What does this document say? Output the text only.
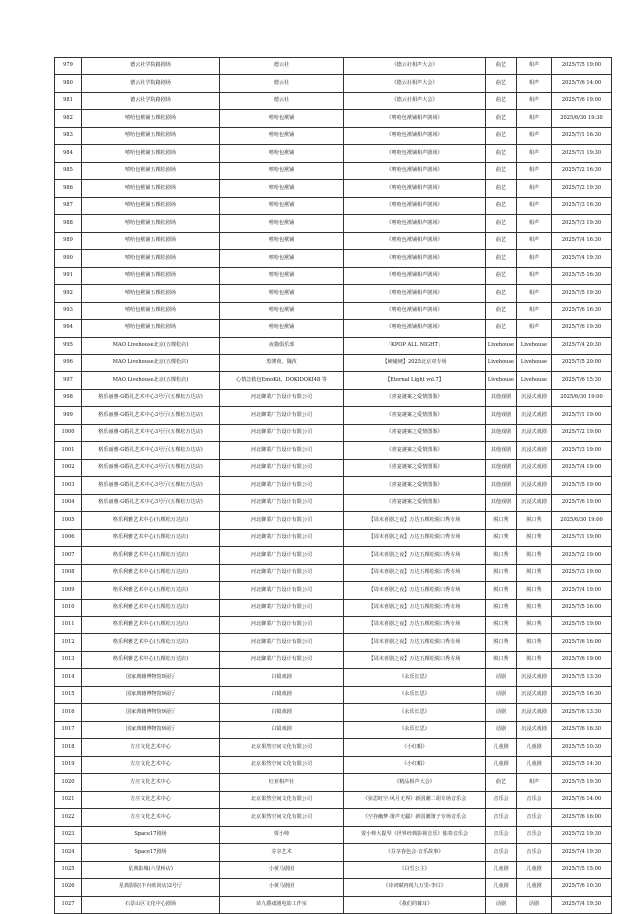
979	德云社学院路剧场	德云社	《德云社相声大会》	曲艺	相声	2025/7/5 19:00
980	德云社学院路剧场	德云社	《德云社相声大会》	曲艺	相声	2025/7/6 14:00
981	德云社学院路剧场	德云社	《德云社相声大会》	曲艺	相声	2025/7/6 19:00
982	嘻哈包袱铺五棵松剧场	嘻哈包袱铺	《嘻哈包袱铺相声剧场》	曲艺	相声	2025/6/30 19:30
983	嘻哈包袱铺五棵松剧场	嘻哈包袱铺	《嘻哈包袱铺相声剧场》	曲艺	相声	2025/7/1 16:30
984	嘻哈包袱铺五棵松剧场	嘻哈包袱铺	《嘻哈包袱铺相声剧场》	曲艺	相声	2025/7/1 19:30
985	嘻哈包袱铺五棵松剧场	嘻哈包袱铺	《嘻哈包袱铺相声剧场》	曲艺	相声	2025/7/2 16:30
986	嘻哈包袱铺五棵松剧场	嘻哈包袱铺	《嘻哈包袱铺相声剧场》	曲艺	相声	2025/7/2 19:30
987	嘻哈包袱铺五棵松剧场	嘻哈包袱铺	《嘻哈包袱铺相声剧场》	曲艺	相声	2025/7/3 16:30
988	嘻哈包袱铺五棵松剧场	嘻哈包袱铺	《嘻哈包袱铺相声剧场》	曲艺	相声	2025/7/3 19:30
989	嘻哈包袱铺五棵松剧场	嘻哈包袱铺	《嘻哈包袱铺相声剧场》	曲艺	相声	2025/7/4 16:30
990	嘻哈包袱铺五棵松剧场	嘻哈包袱铺	《嘻哈包袱铺相声剧场》	曲艺	相声	2025/7/4 19:30
991	嘻哈包袱铺五棵松剧场	嘻哈包袱铺	《嘻哈包袱铺相声剧场》	曲艺	相声	2025/7/5 16:30
992	嘻哈包袱铺五棵松剧场	嘻哈包袱铺	《嘻哈包袱铺相声剧场》	曲艺	相声	2025/7/5 19:30
993	嘻哈包袱铺五棵松剧场	嘻哈包袱铺	《嘻哈包袱铺相声剧场》	曲艺	相声	2025/7/6 16:30
994	嘻哈包袱铺五棵松剧场	嘻哈包袱铺	《嘻哈包袱铺相声剧场》	曲艺	相声	2025/7/6 19:30
995	MAO Livehouse北京(五棵松店)	夜猫俱乐部	「KPOP ALL NIGHT」	Livehouse	Livehouse	2025/7/4 20:30
996	MAO Livehouse北京(五棵松店)	黑薄荷、魏孜	【硬碰硬】2025北京双专场	Livehouse	Livehouse	2025/7/5 20:00
997	MAO Livehouse北京(五棵松店)	心情急救包EmoKit、DOKIDOKI48 等	【Eternal Light vol.7】	Livehouse	Livehouse	2025/7/6 15:30
998	格乐丽雅·G婚礼艺术中心3号厅(五棵松万达店)	河北御業广告设计有限公司	《喜宴謎案之爱情图鉴》	其他戏剧	沉浸式戏剧	2025/6/30 19:00
999	格乐丽雅·G婚礼艺术中心3号厅(五棵松万达店)	河北御業广告设计有限公司	《喜宴謎案之爱情图鉴》	其他戏剧	沉浸式戏剧	2025/7/1 19:00
1000	格乐丽雅·G婚礼艺术中心3号厅(五棵松万达店)	河北御業广告设计有限公司	《喜宴謎案之爱情图鉴》	其他戏剧	沉浸式戏剧	2025/7/2 19:00
1001	格乐丽雅·G婚礼艺术中心3号厅(五棵松万达店)	河北御業广告设计有限公司	《喜宴謎案之爱情图鉴》	其他戏剧	沉浸式戏剧	2025/7/3 19:00
1002	格乐丽雅·G婚礼艺术中心3号厅(五棵松万达店)	河北御業广告设计有限公司	《喜宴謎案之爱情图鉴》	其他戏剧	沉浸式戏剧	2025/7/4 19:00
1003	格乐丽雅·G婚礼艺术中心3号厅(五棵松万达店)	河北御業广告设计有限公司	《喜宴謎案之爱情图鉴》	其他戏剧	沉浸式戏剧	2025/7/5 19:00
1004	格乐丽雅·G婚礼艺术中心3号厅(五棵松万达店)	河北御業广告设计有限公司	《喜宴謎案之爱情图鉴》	其他戏剧	沉浸式戏剧	2025/7/6 19:00
1005	格乐利雅艺术中心(五棵松万达店)	河北御業广告设计有限公司	【周末喜剧之夜】万达五棵松脱口秀专场	脱口秀	脱口秀	2025/6/30 19:00
1006	格乐利雅艺术中心(五棵松万达店)	河北御業广告设计有限公司	【周末喜剧之夜】万达五棵松脱口秀专场	脱口秀	脱口秀	2025/7/1 19:00
1007	格乐利雅艺术中心(五棵松万达店)	河北御業广告设计有限公司	【周末喜剧之夜】万达五棵松脱口秀专场	脱口秀	脱口秀	2025/7/2 19:00
1008	格乐利雅艺术中心(五棵松万达店)	河北御業广告设计有限公司	【周末喜剧之夜】万达五棵松脱口秀专场	脱口秀	脱口秀	2025/7/3 19:00
1009	格乐利雅艺术中心(五棵松万达店)	河北御業广告设计有限公司	【周末喜剧之夜】万达五棵松脱口秀专场	脱口秀	脱口秀	2025/7/4 19:00
1010	格乐利雅艺术中心(五棵松万达店)	河北御業广告设计有限公司	【周末喜剧之夜】万达五棵松脱口秀专场	脱口秀	脱口秀	2025/7/5 16:00
1011	格乐利雅艺术中心(五棵松万达店)	河北御業广告设计有限公司	【周末喜剧之夜】万达五棵松脱口秀专场	脱口秀	脱口秀	2025/7/5 19:00
1012	格乐利雅艺术中心(五棵松万达店)	河北御業广告设计有限公司	【周末喜剧之夜】万达五棵松脱口秀专场	脱口秀	脱口秀	2025/7/6 16:00
1013	格乐利雅艺术中心(五棵松万达店)	河北御業广告设计有限公司	【周末喜剧之夜】万达五棵松脱口秀专场	脱口秀	脱口秀	2025/7/6 19:00
1014	国家典籍博物馆9展厅	白镜戏剧	《永乐长思》	话剧	沉浸式戏剧	2025/7/5 13:30
1015	国家典籍博物馆9展厅	白镜戏剧	《永乐长思》	话剧	沉浸式戏剧	2025/7/5 16:30
1016	国家典籍博物馆9展厅	白镜戏剧	《永乐长思》	话剧	沉浸式戏剧	2025/7/6 13:30
1017	国家典籍博物馆9展厅	白镜戏剧	《永乐长思》	话剧	沉浸式戏剧	2025/7/6 16:30
1018	方庄文化艺术中心	北京果然空间文化有限公司	《小红帽》	儿童剧	儿童剧	2025/7/5 10:30
1019	方庄文化艺术中心	北京果然空间文化有限公司	《小红帽》	儿童剧	儿童剧	2025/7/5 14:30
1020	方庄文化艺术中心	红亚相声社	《精品相声大会》	曲艺	相声	2025/7/5 19:30
1021	方庄文化艺术中心	北京果然空间文化有限公司	《弦思时空·风月无界》新国潮二胡专场音乐会	音乐会	音乐会	2025/7/6 14:00
1022	方庄文化艺术中心	北京果然空间文化有限公司	《空谷幽梦·箫声无疆》新国潮箫子专场音乐会	音乐会	音乐会	2025/7/6 16:00
1023	Space17剧场	贾小帅	贾小帅大提琴《世界经典影视音乐》独奏音乐会	音乐会	音乐会	2025/7/2 19:30
1024	Space17剧场	芬享艺术	《芬享春色会·音乐故事》	音乐会	音乐会	2025/7/4 19:30
1025	星典影城(六里桥店)	小黄马剧团	《白雪公主》	儿童剧	儿童剧	2025/7/5 15:00
1026	星典影院(丰台欧尚店)2号厅	小黄马剧团	《诗词赋再现九万里-李白》	儿童剧	儿童剧	2025/7/6 10:30
1027	石景山区文化中心剧场	苗九爵戏剧电影工作室	《我们的篝耳》	话剧	话剧	2025/7/4 19:30
